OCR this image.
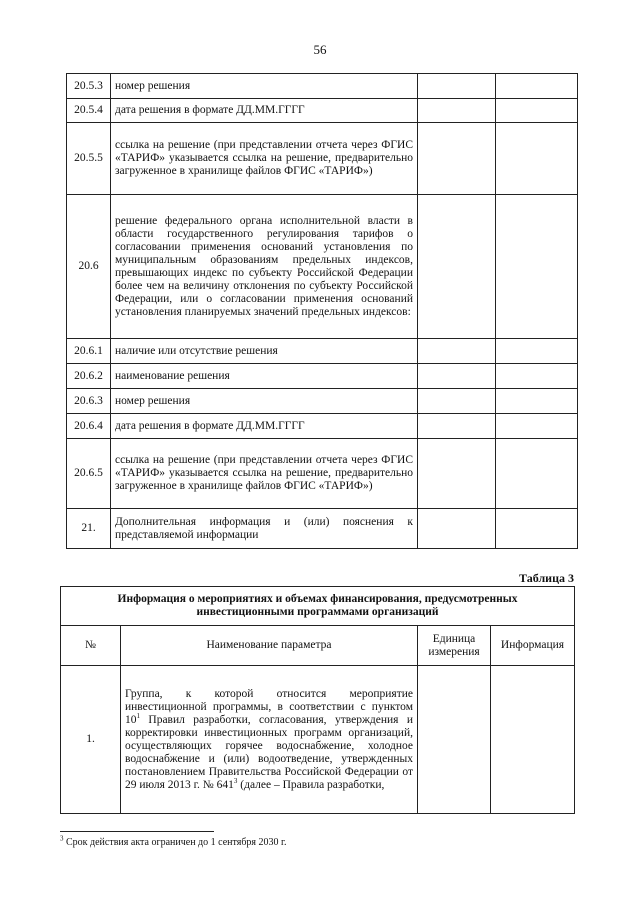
56
20.5.3	номер решения		
20.5.4	дата решения в формате ДД.ММ.ГГГГ		
20.5.5	ссылка на решение (при представлении отчета через ФГИС «ТАРИФ» указывается ссылка на решение, предварительно загруженное в хранилище файлов ФГИС «ТАРИФ»)		
20.6	решение федерального органа исполнительной власти в области государственного регулирования тарифов о согласовании применения оснований установления по муниципальным образованиям предельных индексов, превышающих индекс по субъекту Российской Федерации более чем на величину отклонения по субъекту Российской Федерации, или о согласовании применения оснований установления планируемых значений предельных индексов:		
20.6.1	наличие или отсутствие решения		
20.6.2	наименование решения		
20.6.3	номер решения		
20.6.4	дата решения в формате ДД.ММ.ГГГГ		
20.6.5	ссылка на решение (при представлении отчета через ФГИС «ТАРИФ» указывается ссылка на решение, предварительно загруженное в хранилище файлов ФГИС «ТАРИФ»)		
21.	Дополнительная информация и (или) пояснения к представляемой информации		
Таблица 3
Информация о мероприятиях и объемах финансирования, предусмотренных инвестиционными программами организаций			
№	Наименование параметра	Единица измерения	Информация
1.	Группа, к которой относится мероприятие инвестиционной программы, в соответствии с пунктом $10^1$ Правил разработки, согласования, утверждения и корректировки инвестиционных программ организаций, осуществляющих горячее водоснабжение, холодное водоснабжение и (или) водоотведение, утвержденных постановлением Правительства Российской Федерации от 29 июля 2013 г. № $641^3$ (далее – Правила разработки,		
$^3$ Срок действия акта ограничен до 1 сентября 2030 г.
